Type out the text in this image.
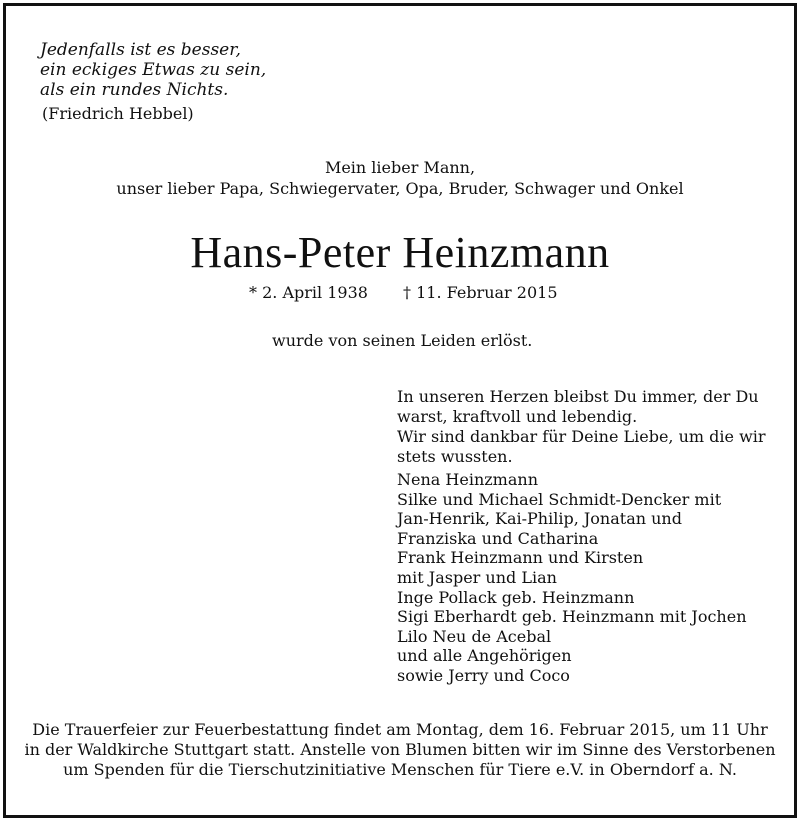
Jedenfalls ist es besser,
ein eckiges Etwas zu sein,
als ein rundes Nichts.
(Friedrich Hebbel)
Mein lieber Mann,
unser lieber Papa, Schwiegervater, Opa, Bruder, Schwager und Onkel
Hans-Peter Heinzmann
* 2. April 1938 † 11. Februar 2015
wurde von seinen Leiden erlöst.
In unseren Herzen bleibst Du immer, der Du
warst, kraftvoll und lebendig.
Wir sind dankbar für Deine Liebe, um die wir
stets wussten.
Nena Heinzmann
Silke und Michael Schmidt-Dencker mit
Jan-Henrik, Kai-Philip, Jonatan und
Franziska und Catharina
Frank Heinzmann und Kirsten
mit Jasper und Lian
Inge Pollack geb. Heinzmann
Sigi Eberhardt geb. Heinzmann mit Jochen
Lilo Neu de Acebal
und alle Angehörigen
sowie Jerry und Coco
Die Trauerfeier zur Feuerbestattung findet am Montag, dem 16. Februar 2015, um 11 Uhr
in der Waldkirche Stuttgart statt. Anstelle von Blumen bitten wir im Sinne des Verstorbenen
um Spenden für die Tierschutzinitiative Menschen für Tiere e.V. in Oberndorf a. N.
